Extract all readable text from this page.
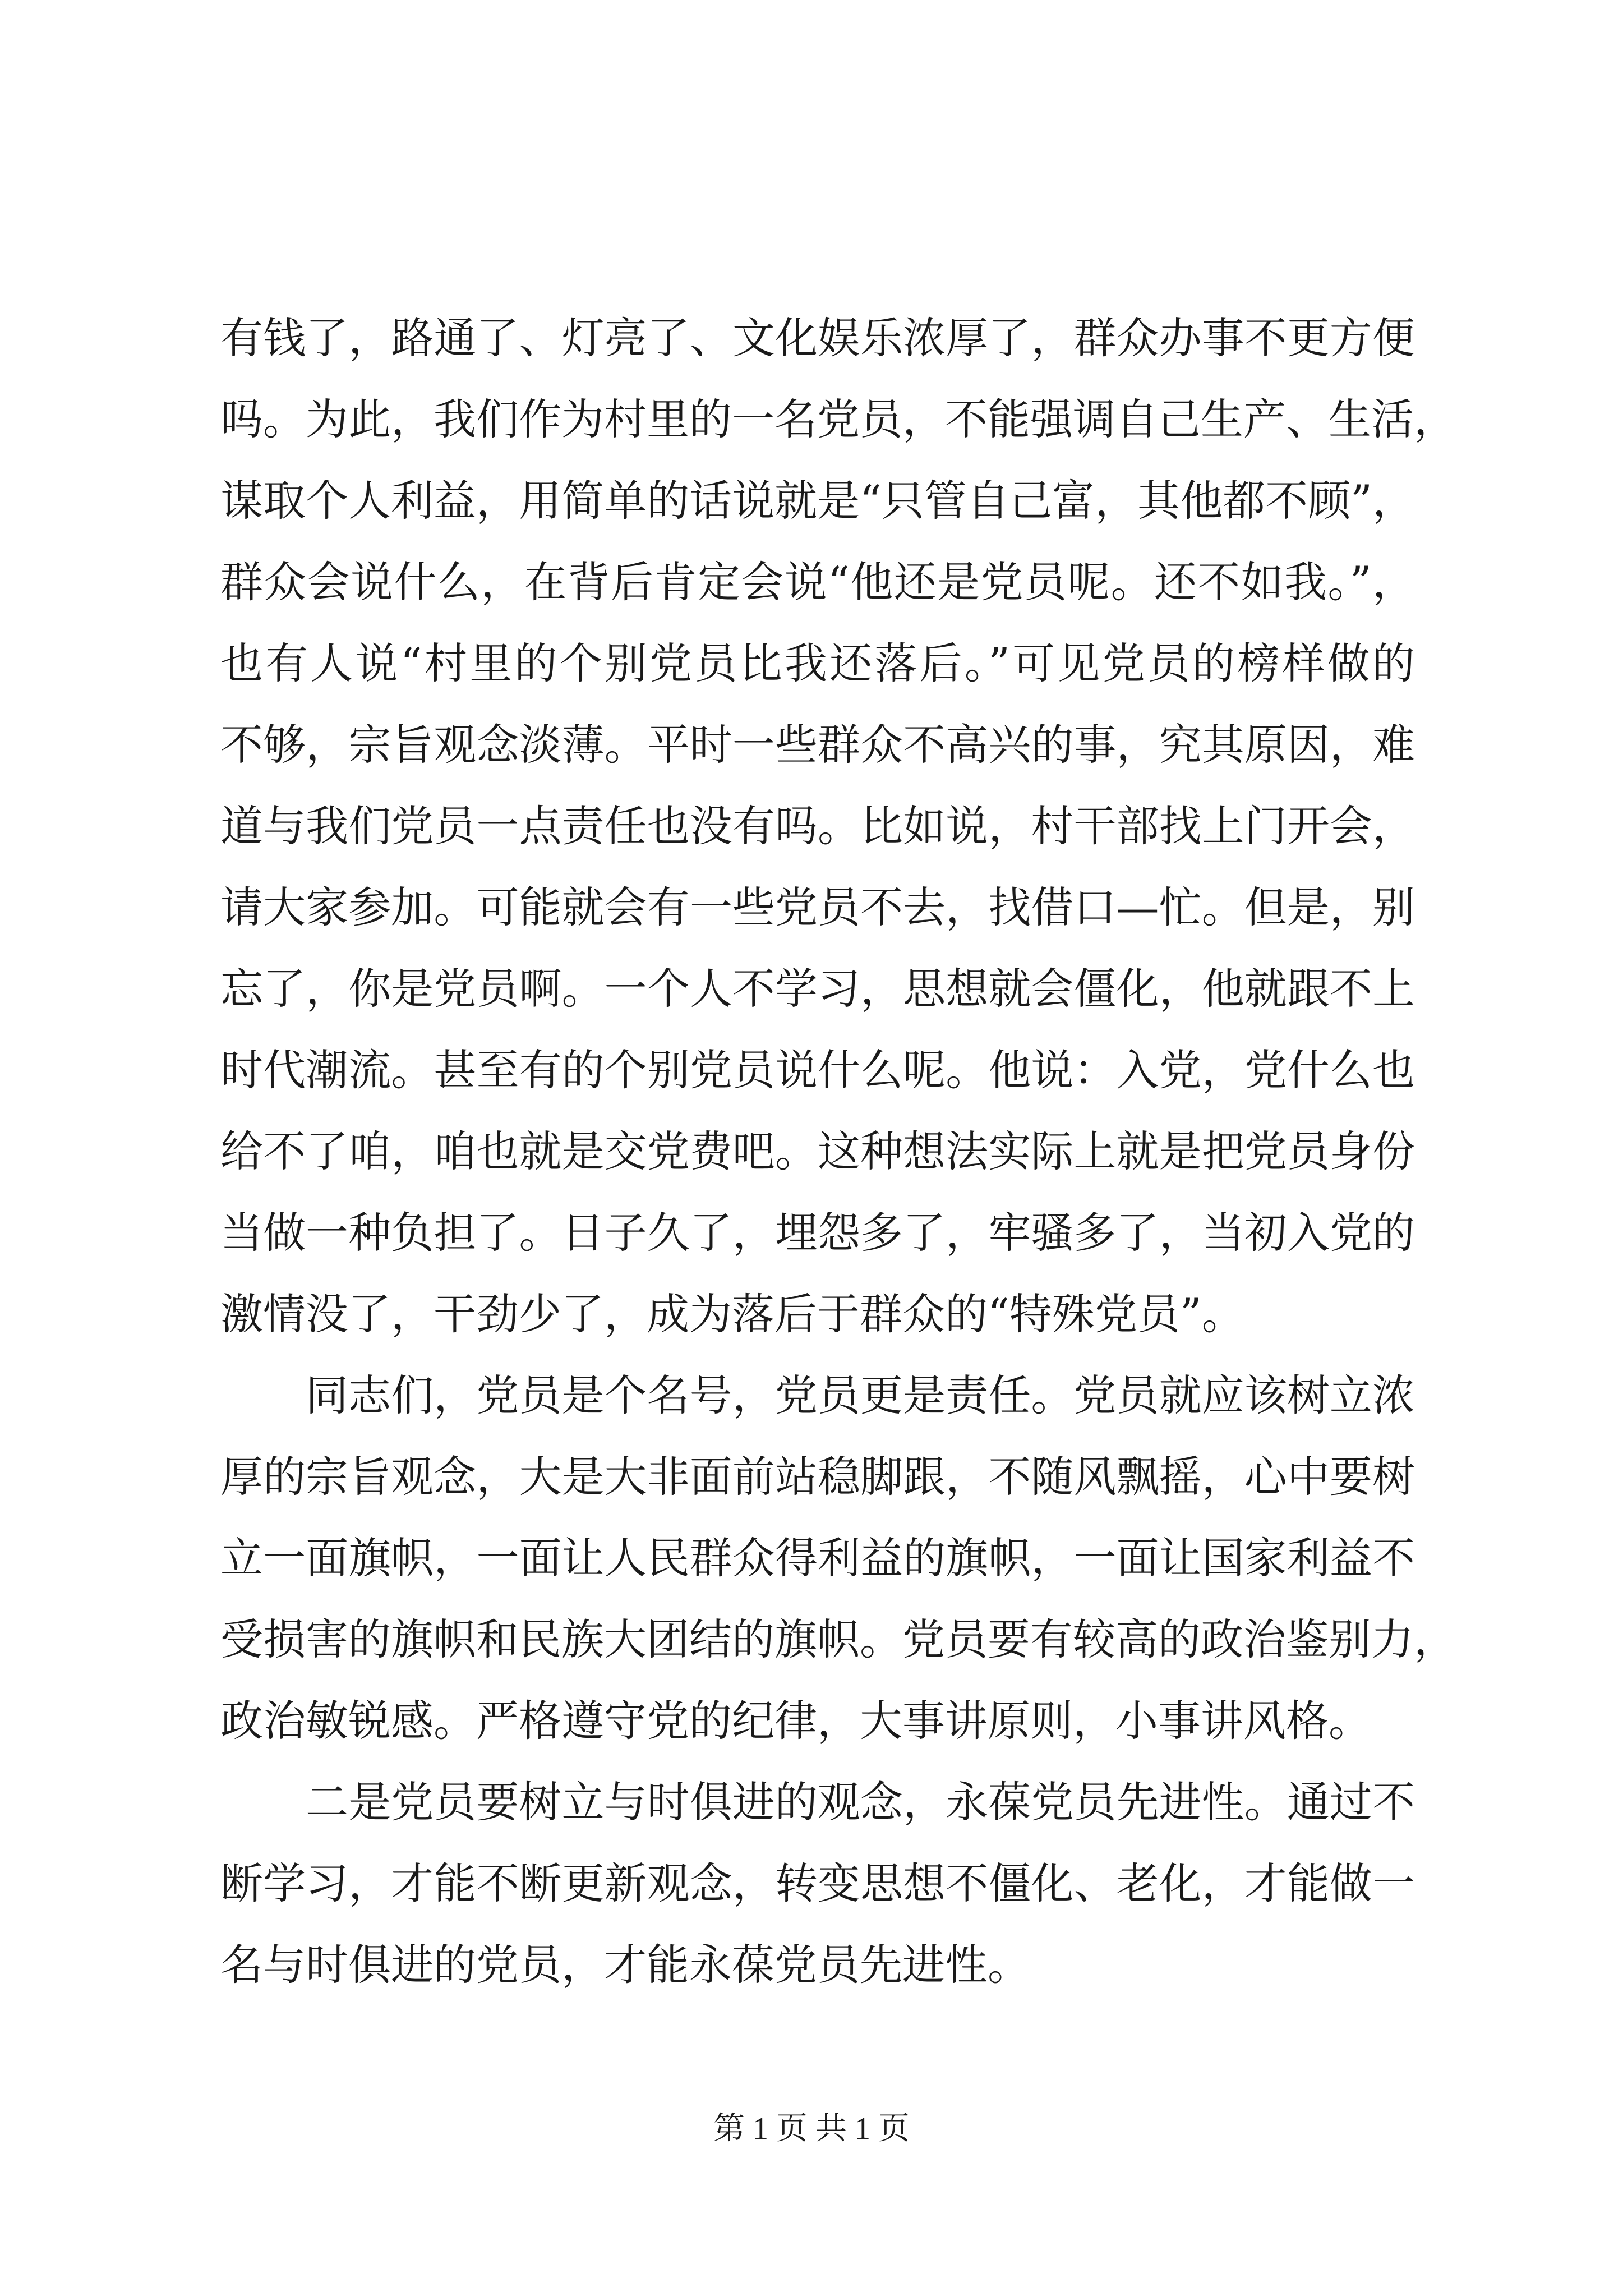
有钱了，路通了、灯亮了、文化娱乐浓厚了，群众办事不更方便
吗。为此，我们作为村里的一名党员，不能强调自己生产、生活，
谋取个人利益，用简单的话说就是“只管自己富，其他都不顾”，
群众会说什么，在背后肯定会说“他还是党员呢。还不如我。”，
也有人说“村里的个别党员比我还落后。”可见党员的榜样做的
不够，宗旨观念淡薄。平时一些群众不高兴的事，究其原因，难
道与我们党员一点责任也没有吗。比如说，村干部找上门开会，
请大家参加。可能就会有一些党员不去，找借口—忙。但是，别
忘了，你是党员啊。一个人不学习，思想就会僵化，他就跟不上
时代潮流。甚至有的个别党员说什么呢。他说：入党，党什么也
给不了咱，咱也就是交党费吧。这种想法实际上就是把党员身份
当做一种负担了。日子久了，埋怨多了，牢骚多了，当初入党的
激情没了，干劲少了，成为落后于群众的“特殊党员”。
同志们，党员是个名号，党员更是责任。党员就应该树立浓
厚的宗旨观念，大是大非面前站稳脚跟，不随风飘摇，心中要树
立一面旗帜，一面让人民群众得利益的旗帜，一面让国家利益不
受损害的旗帜和民族大团结的旗帜。党员要有较高的政治鉴别力，
政治敏锐感。严格遵守党的纪律，大事讲原则，小事讲风格。
二是党员要树立与时俱进的观念，永葆党员先进性。通过不
断学习，才能不断更新观念，转变思想不僵化、老化，才能做一
名与时俱进的党员，才能永葆党员先进性。
第 1 页 共 1 页
